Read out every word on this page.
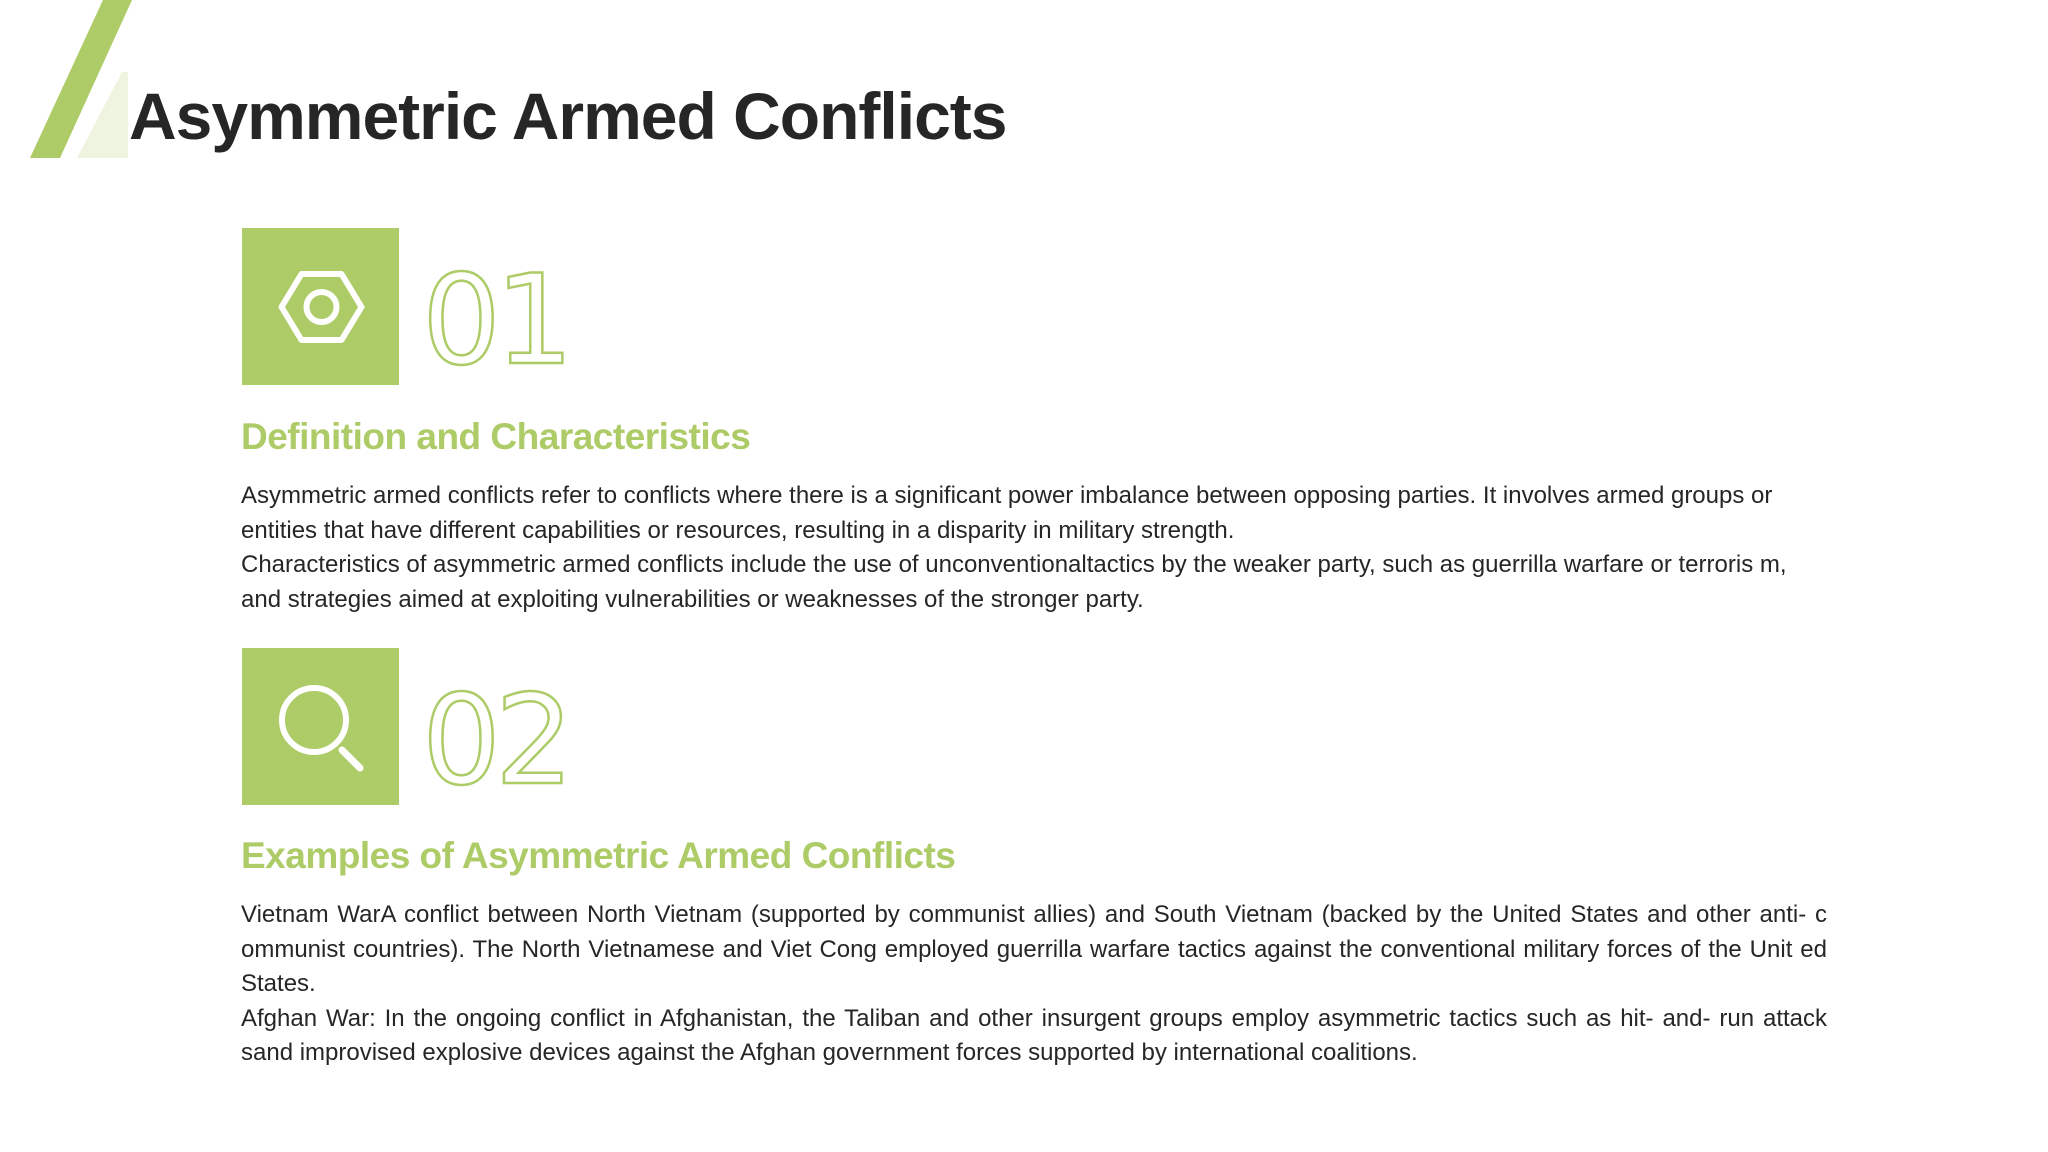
Asymmetric Armed Conflicts
01
Definition and Characteristics

Asymmetric armed conflicts refer to conflicts where there is a significant power imbalance between opposing parties. It involves armed groups or entities that have different capabilities or resources, resulting in a disparity in military strength.

Characteristics of asymmetric armed conflicts include the use of unconventionaltactics by the weaker party, such as guerrilla warfare or terroris m, and strategies aimed at exploiting vulnerabilities or weaknesses of the stronger party.

02
Examples of Asymmetric Armed Conflicts

Vietnam WarA conflict between North Vietnam (supported by communist allies) and South Vietnam (backed by the United States and other anti- c ommunist countries). The North Vietnamese and Viet Cong employed guerrilla warfare tactics against the conventional military forces of the Unit ed States.

Afghan War: In the ongoing conflict in Afghanistan, the Taliban and other insurgent groups employ asymmetric tactics such as hit- and- run attack sand improvised explosive devices against the Afghan government forces supported by international coalitions.
